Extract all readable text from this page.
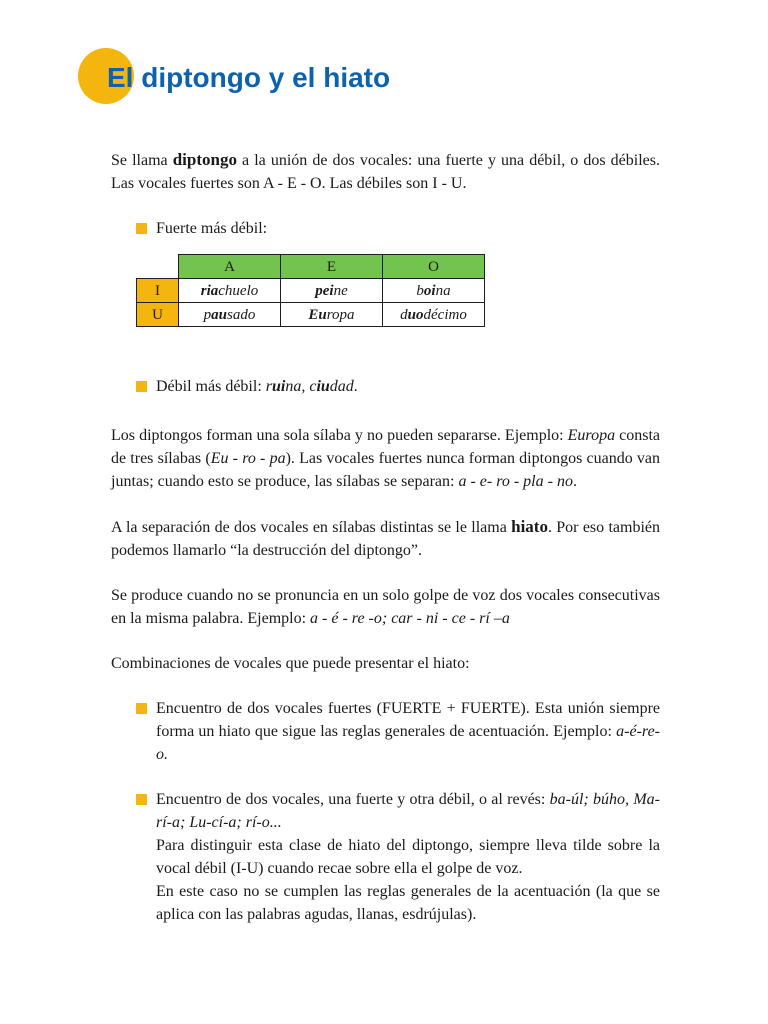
El diptongo y el hiato

Se llama diptongo a la unión de dos vocales: una fuerte y una débil, o dos débiles. Las vocales fuertes son A - E - O. Las débiles son I - U.

Fuerte más débil:

	A	E	O
I	riachuelo	peine	boina
U	pausado	Europa	duodécimo

Débil más débil: ruina, ciudad.

Los diptongos forman una sola sílaba y no pueden separarse. Ejemplo: Europa consta de tres sílabas (Eu - ro - pa). Las vocales fuertes nunca forman diptongos cuando van juntas; cuando esto se produce, las sílabas se separan: a - e- ro - pla - no.

A la separación de dos vocales en sílabas distintas se le llama hiato. Por eso también podemos llamarlo “la destrucción del diptongo”.

Se produce cuando no se pronuncia en un solo golpe de voz dos vocales consecutivas en la misma palabra. Ejemplo: a - é - re -o; car - ni - ce - rí –a

Combinaciones de vocales que puede presentar el hiato:

Encuentro de dos vocales fuertes (FUERTE + FUERTE). Esta unión siempre forma un hiato que sigue las reglas generales de acentuación. Ejemplo: a-é-re-o.

Encuentro de dos vocales, una fuerte y otra débil, o al revés: ba-úl; búho, Ma-rí-a; Lu-cí-a; rí-o...

Para distinguir esta clase de hiato del diptongo, siempre lleva tilde sobre la vocal débil (I-U) cuando recae sobre ella el golpe de voz.

En este caso no se cumplen las reglas generales de la acentuación (la que se aplica con las palabras agudas, llanas, esdrújulas).
